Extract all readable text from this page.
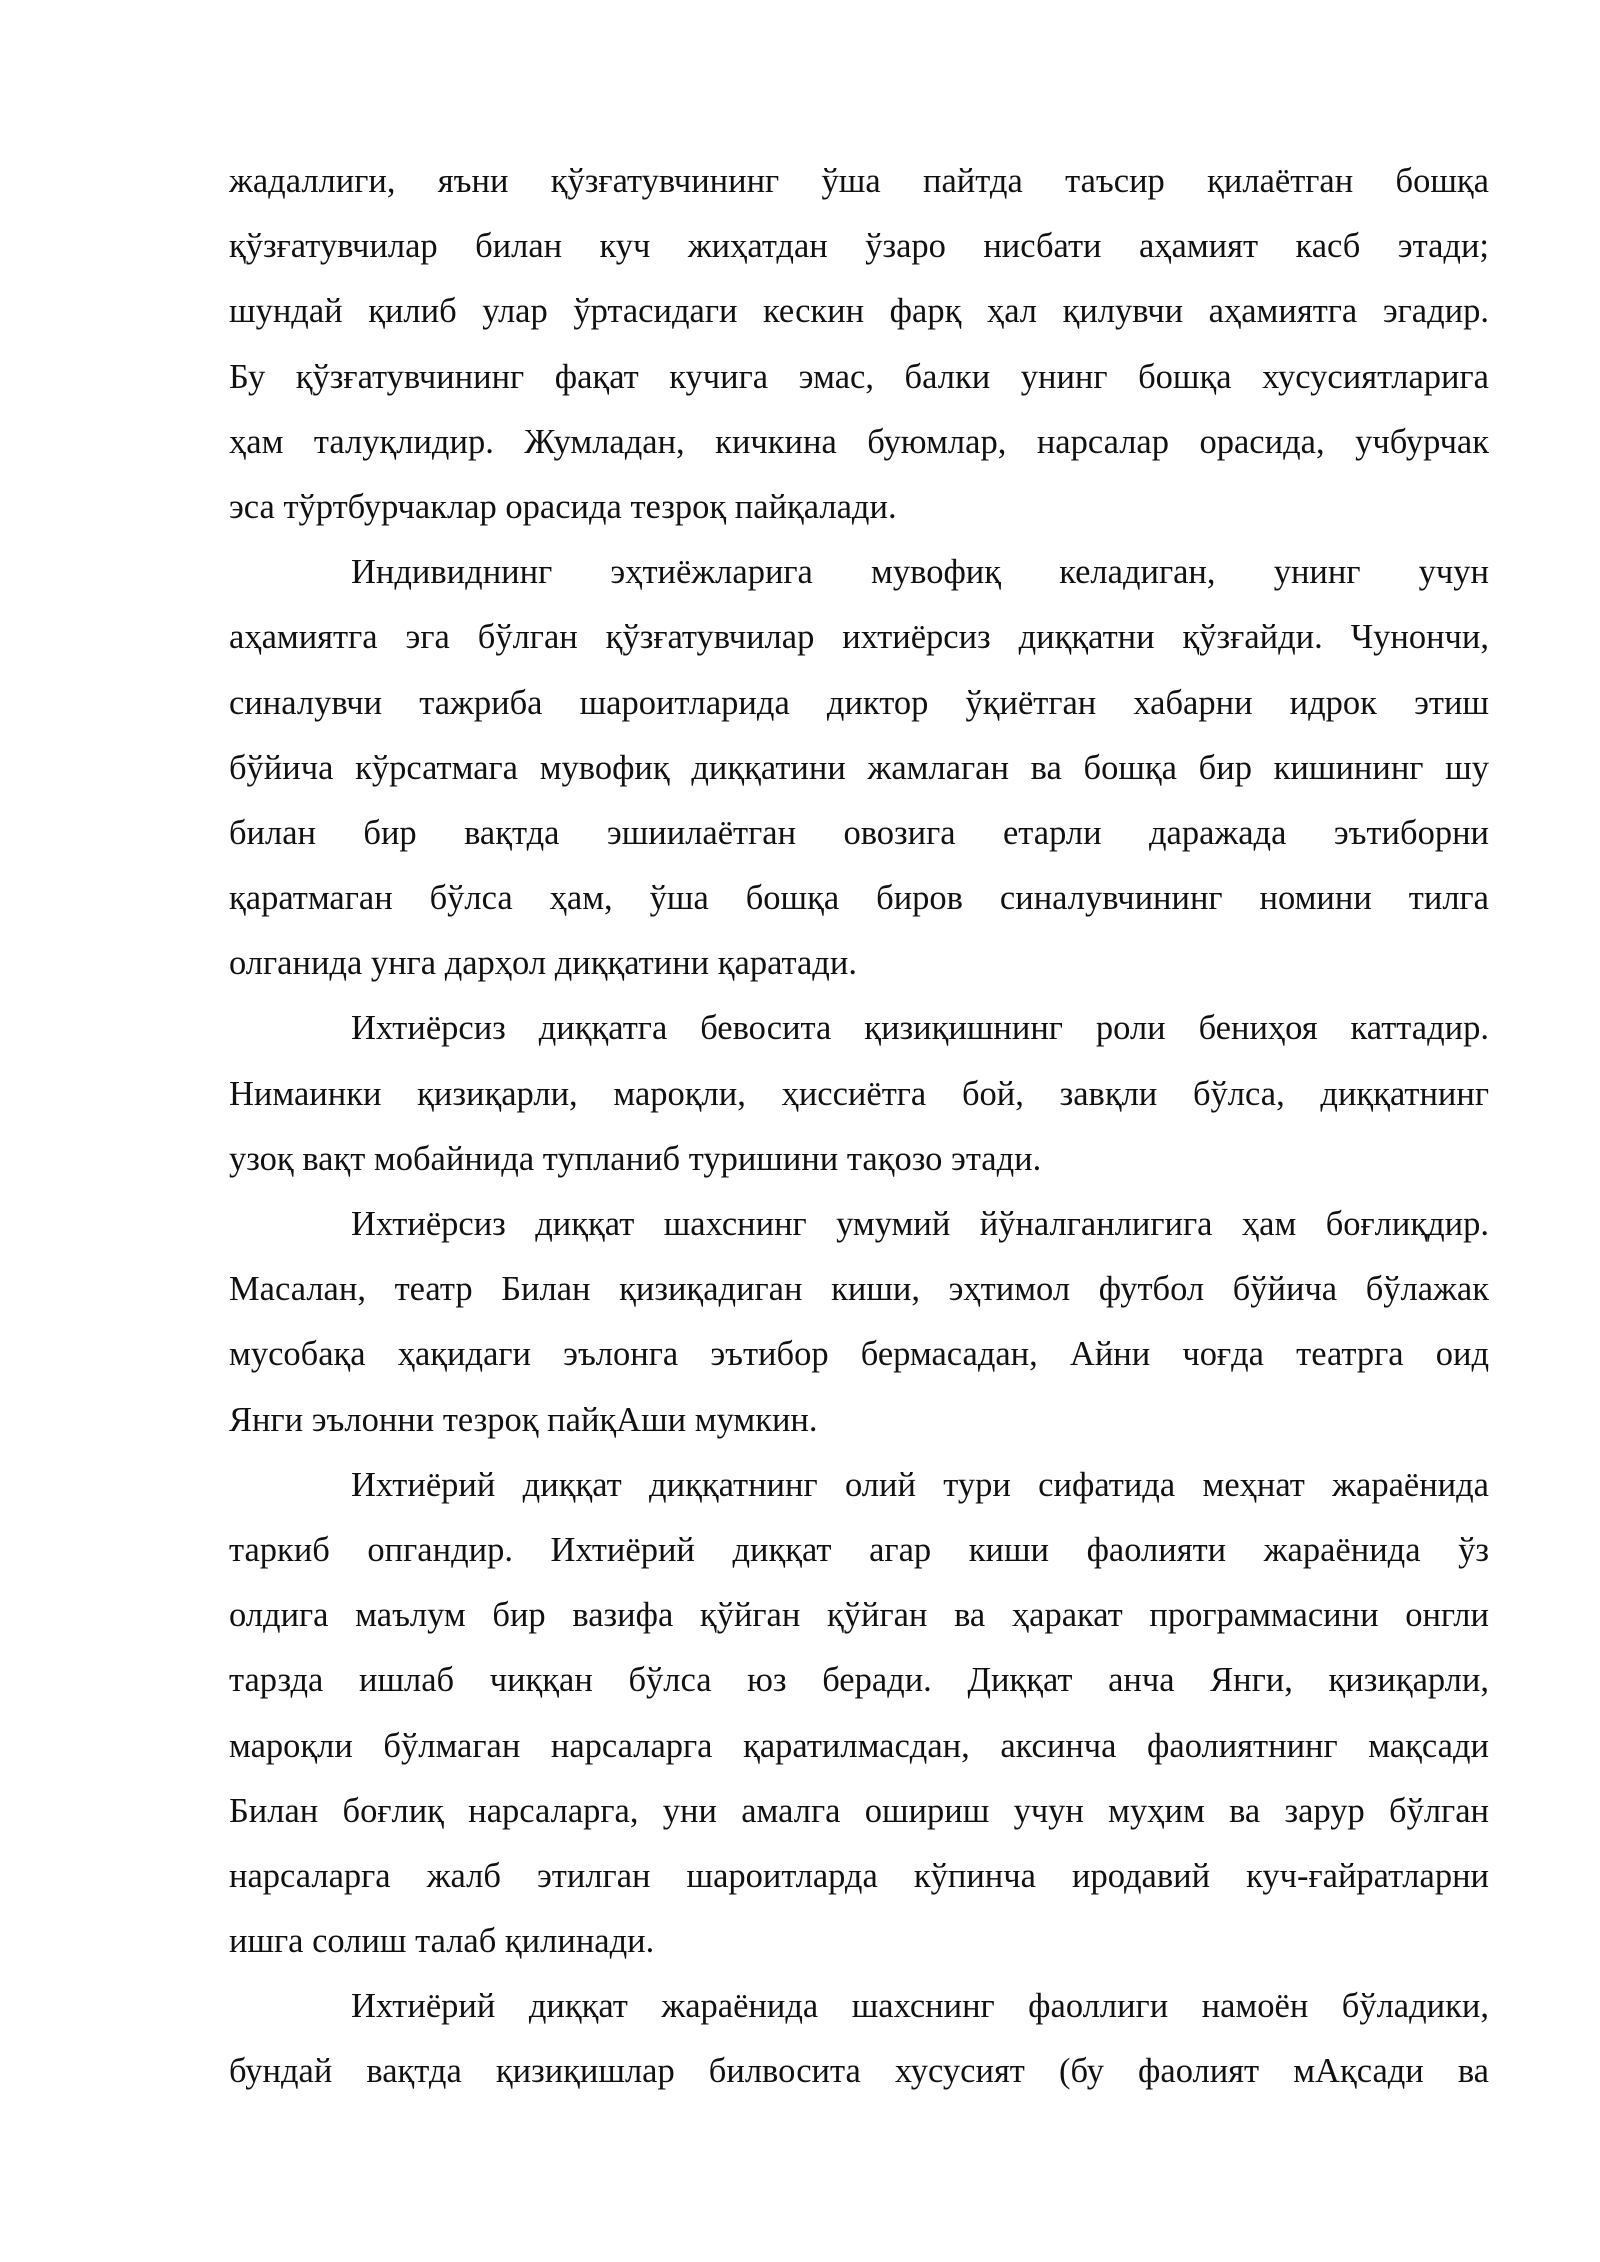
жадаллиги, яъни қўзғатувчининг ўша пайтда таъсир қилаётган бошқа
қўзғатувчилар билан куч жиҳатдан ўзаро нисбати аҳамият касб этади;
шундай қилиб улар ўртасидаги кескин фарқ ҳал қилувчи аҳамиятга эгадир.
Бу қўзғатувчининг фақат кучига эмас, балки унинг бошқа хусусиятларига
ҳам талуқлидир. Жумладан, кичкина буюмлар, нарсалар орасида, учбурчак
эса тўртбурчаклар орасида тезроқ пайқалади.
Индивиднинг эҳтиёжларига мувофиқ келадиган, унинг учун
аҳамиятга эга бўлган қўзғатувчилар ихтиёрсиз диққатни қўзғайди. Чунончи,
синалувчи тажриба шароитларида диктор ўқиётган хабарни идрок этиш
бўйича кўрсатмага мувофиқ диққатини жамлаган ва бошқа бир кишининг шу
билан бир вақтда эшиилаётган овозига етарли даражада эътиборни
қаратмаган бўлса ҳам, ўша бошқа биров синалувчининг номини тилга
олганида унга дарҳол диққатини қаратади.
Ихтиёрсиз диққатга бевосита қизиқишнинг роли бениҳоя каттадир.
Нимаинки қизиқарли, мароқли, ҳиссиётга бой, завқли бўлса, диққатнинг
узоқ вақт мобайнида тупланиб туришини тақозо этади.
Ихтиёрсиз диққат шахснинг умумий йўналганлигига ҳам боғлиқдир.
Масалан, театр Билан қизиқадиган киши, эҳтимол футбол бўйича бўлажак
мусобақа ҳақидаги эълонга эътибор бермасадан, Айни чоғда театрга оид
Янги эълонни тезроқ пайқАши мумкин.
Ихтиёрий диққат диққатнинг олий тури сифатида меҳнат жараёнида
таркиб опгандир. Ихтиёрий диққат агар киши фаолияти жараёнида ўз
олдига маълум бир вазифа қўйган қўйган ва ҳаракат программасини онгли
тарзда ишлаб чиққан бўлса юз беради. Диққат анча Янги, қизиқарли,
мароқли бўлмаган нарсаларга қаратилмасдан, аксинча фаолиятнинг мақсади
Билан боғлиқ нарсаларга, уни амалга ошириш учун муҳим ва зарур бўлган
нарсаларга жалб этилган шароитларда кўпинча иродавий куч-ғайратларни
ишга солиш талаб қилинади.
Ихтиёрий диққат жараёнида шахснинг фаоллиги намоён бўладики,
бундай вақтда қизиқишлар билвосита хусусият (бу фаолият мАқсади ва
